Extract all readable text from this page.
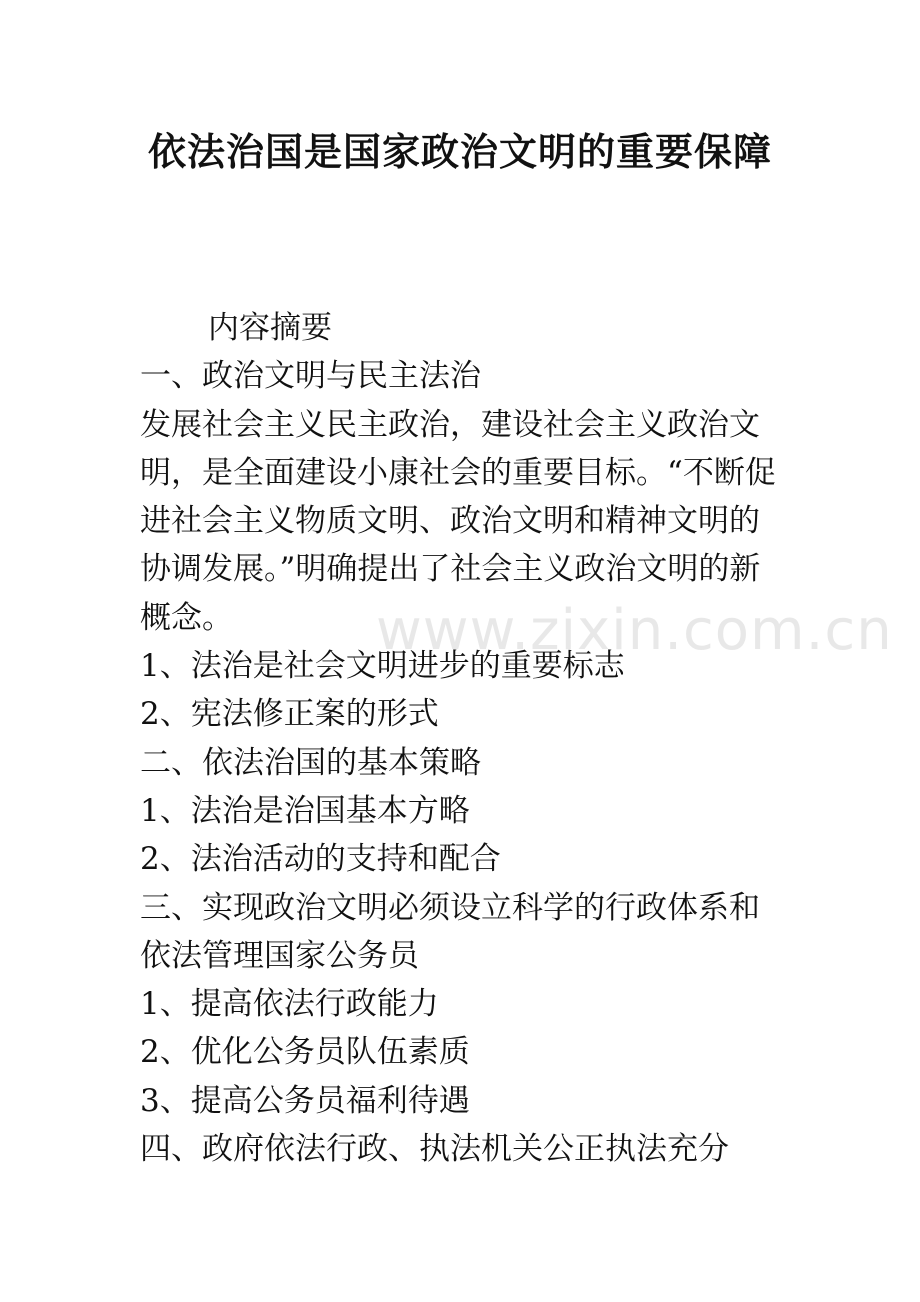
依法治国是国家政治文明的重要保障

内容摘要

一、政治文明与民主法治

发展社会主义民主政治，建设社会主义政治文明，是全面建设小康社会的重要目标。“不断促进社会主义物质文明、政治文明和精神文明的协调发展。”明确提出了社会主义政治文明的新概念。

1、法治是社会文明进步的重要标志

2、宪法修正案的形式

二、依法治国的基本策略

1、法治是治国基本方略

2、法治活动的支持和配合

三、实现政治文明必须设立科学的行政体系和依法管理国家公务员

1、提高依法行政能力

2、优化公务员队伍素质

3、提高公务员福利待遇

四、政府依法行政、执法机关公正执法充分

www.zixin.com.cn
